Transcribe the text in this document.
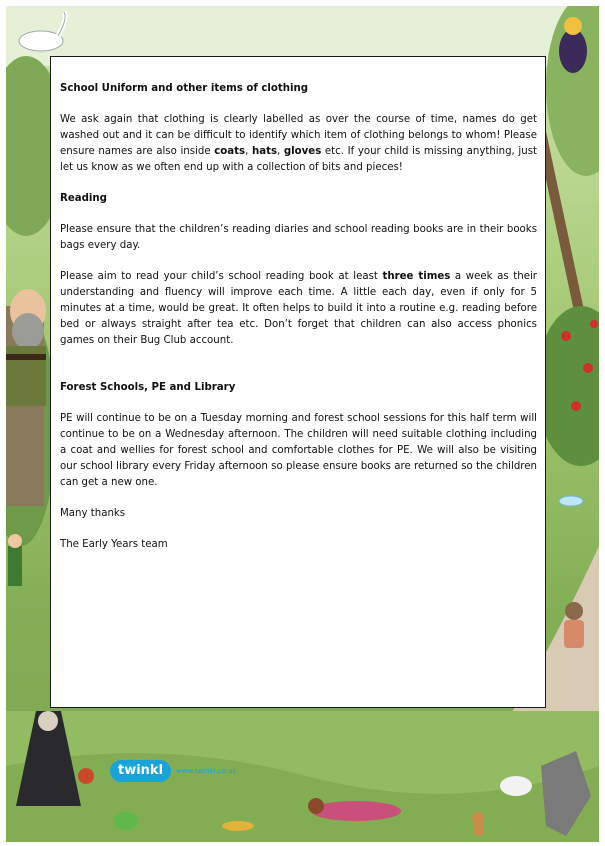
School Uniform and other items of clothing

We ask again that clothing is clearly labelled as over the course of time, names do get washed out and it can be difficult to identify which item of clothing belongs to whom! Please ensure names are also inside coats, hats, gloves etc. If your child is missing anything, just let us know as we often end up with a collection of bits and pieces!

Reading

Please ensure that the children’s reading diaries and school reading books are in their books bags every day.

Please aim to read your child’s school reading book at least three times a week as their understanding and fluency will improve each time. A little each day, even if only for 5 minutes at a time, would be great. It often helps to build it into a routine e.g. reading before bed or always straight after tea etc. Don’t forget that children can also access phonics games on their Bug Club account.

Forest Schools, PE and Library

PE will continue to be on a Tuesday morning and forest school sessions for this half term will continue to be on a Wednesday afternoon. The children will need suitable clothing including a coat and wellies for forest school and comfortable clothes for PE. We will also be visiting our school library every Friday afternoon so please ensure books are returned so the children can get a new one.

Many thanks

The Early Years team

twinkl	www.twinkl.co.uk
